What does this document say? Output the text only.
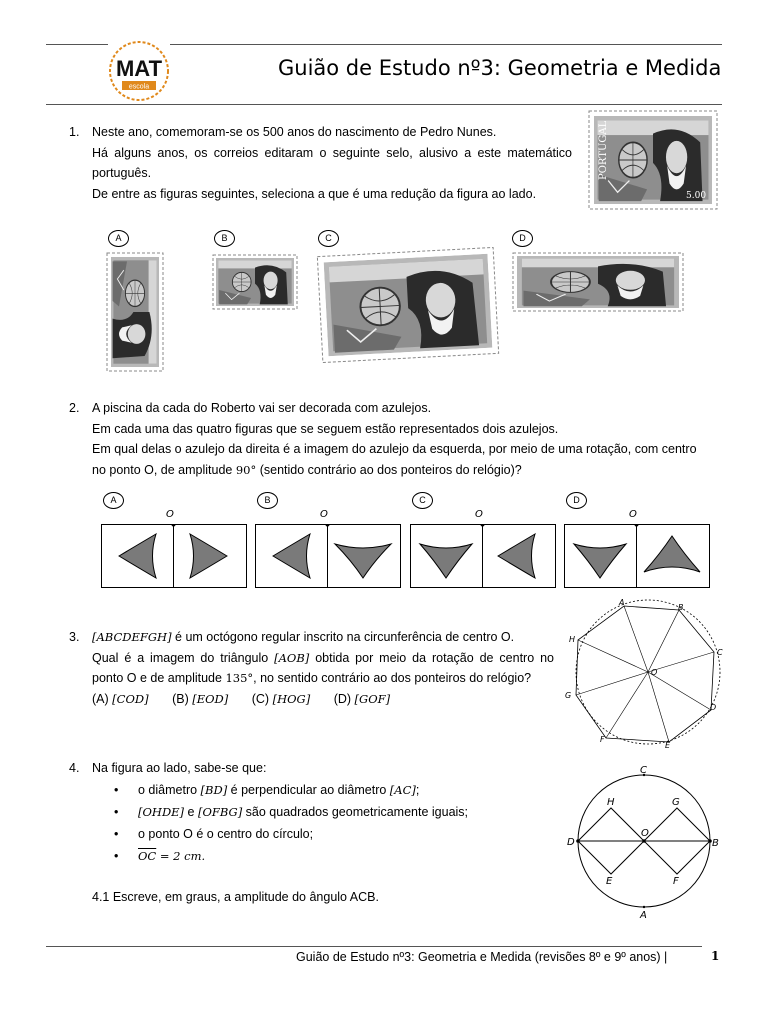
MAT
escola
Guião de Estudo nº3: Geometria e Medida
1. Neste ano, comemoram-se os 500 anos do nascimento de Pedro Nunes.

Há alguns anos, os correios editaram o seguinte selo, alusivo a este matemático

português.

De entre as figuras seguintes, seleciona a que é uma redução da figura ao lado.

PORTUGAL
5.00
A	B	C	D
2. A piscina da cada do Roberto vai ser decorada com azulejos.

Em cada uma das quatro figuras que se seguem estão representados dois azulejos.

Em qual delas o azulejo da direita é a imagem do azulejo da esquerda, por meio de uma rotação, com centro

no ponto O, de amplitude 90° (sentido contrário ao dos ponteiros do relógio)?

A	B	C	D
O	O	O	O
3. [ABCDEFGH] é um octógono regular inscrito na circunferência de centro O.

Qual é a imagem do triângulo [AOB] obtida por meio da rotação de centro no

ponto O e de amplitude 135°, no sentido contrário ao dos ponteiros do relógio?

(A) [COD] (B) [EOD] (C) [HOG] (D) [GOF]
A
B
C
D
E
F
G
H
O
4. Na figura ao lado, sabe-se que:

• o diâmetro [BD] é perpendicular ao diâmetro [AC];
• [OHDE] e [OFBG] são quadrados geometricamente iguais;
• o ponto O é o centro do círculo;
• $\overline{OC} = 2$ cm.
4.1 Escreve, em graus, a amplitude do ângulo ACB.
C
H	G
O
D	B
E	F
A
Guião de Estudo nº3: Geometria e Medida (revisões 8º e 9º anos) |	1
